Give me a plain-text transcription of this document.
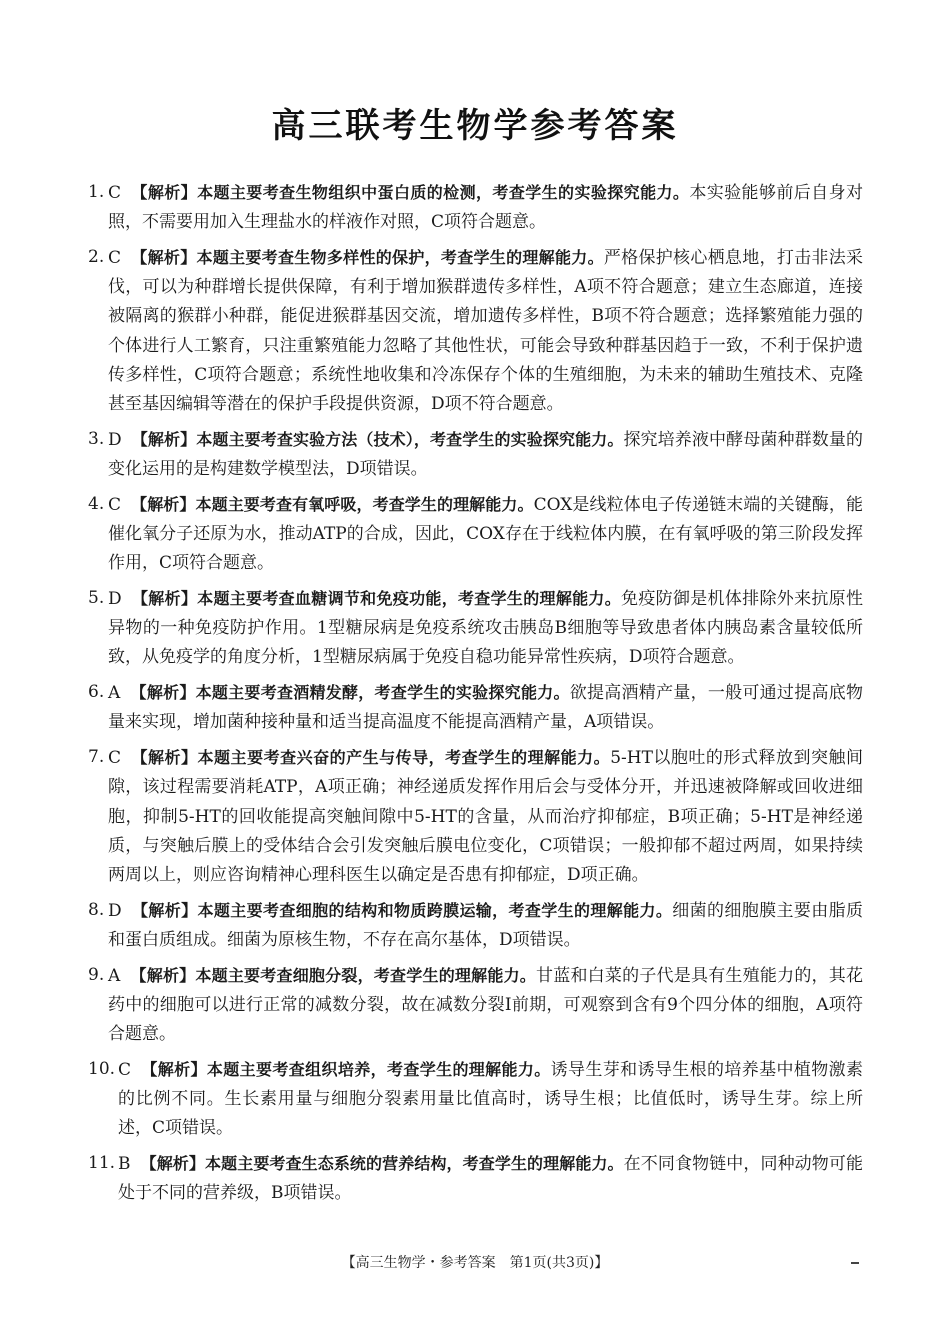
高三联考生物学参考答案
1. C 【解析】本题主要考查生物组织中蛋白质的检测，考查学生的实验探究能力。本实验能够前后自身对照，不需要用加入生理盐水的样液作对照，C项符合题意。
2. C 【解析】本题主要考查生物多样性的保护，考查学生的理解能力。严格保护核心栖息地，打击非法采伐，可以为种群增长提供保障，有利于增加猴群遗传多样性，A项不符合题意；建立生态廊道，连接被隔离的猴群小种群，能促进猴群基因交流，增加遗传多样性，B项不符合题意；选择繁殖能力强的个体进行人工繁育，只注重繁殖能力忽略了其他性状，可能会导致种群基因趋于一致，不利于保护遗传多样性，C项符合题意；系统性地收集和冷冻保存个体的生殖细胞，为未来的辅助生殖技术、克隆甚至基因编辑等潜在的保护手段提供资源，D项不符合题意。
3. D 【解析】本题主要考查实验方法（技术），考查学生的实验探究能力。探究培养液中酵母菌种群数量的变化运用的是构建数学模型法，D项错误。
4. C 【解析】本题主要考查有氧呼吸，考查学生的理解能力。COX是线粒体电子传递链末端的关键酶，能催化氧分子还原为水，推动ATP的合成，因此，COX存在于线粒体内膜，在有氧呼吸的第三阶段发挥作用，C项符合题意。
5. D 【解析】本题主要考查血糖调节和免疫功能，考查学生的理解能力。免疫防御是机体排除外来抗原性异物的一种免疫防护作用。1型糖尿病是免疫系统攻击胰岛B细胞等导致患者体内胰岛素含量较低所致，从免疫学的角度分析，1型糖尿病属于免疫自稳功能异常性疾病，D项符合题意。
6. A 【解析】本题主要考查酒精发酵，考查学生的实验探究能力。欲提高酒精产量，一般可通过提高底物量来实现，增加菌种接种量和适当提高温度不能提高酒精产量，A项错误。
7. C 【解析】本题主要考查兴奋的产生与传导，考查学生的理解能力。5-HT以胞吐的形式释放到突触间隙，该过程需要消耗ATP，A项正确；神经递质发挥作用后会与受体分开，并迅速被降解或回收进细胞，抑制5-HT的回收能提高突触间隙中5-HT的含量，从而治疗抑郁症，B项正确；5-HT是神经递质，与突触后膜上的受体结合会引发突触后膜电位变化，C项错误；一般抑郁不超过两周，如果持续两周以上，则应咨询精神心理科医生以确定是否患有抑郁症，D项正确。
8. D 【解析】本题主要考查细胞的结构和物质跨膜运输，考查学生的理解能力。细菌的细胞膜主要由脂质和蛋白质组成。细菌为原核生物，不存在高尔基体，D项错误。
9. A 【解析】本题主要考查细胞分裂，考查学生的理解能力。甘蓝和白菜的子代是具有生殖能力的，其花药中的细胞可以进行正常的减数分裂，故在减数分裂Ⅰ前期，可观察到含有9个四分体的细胞，A项符合题意。
10. C 【解析】本题主要考查组织培养，考查学生的理解能力。诱导生芽和诱导生根的培养基中植物激素的比例不同。生长素用量与细胞分裂素用量比值高时，诱导生根；比值低时，诱导生芽。综上所述，C项错误。
11. B 【解析】本题主要考查生态系统的营养结构，考查学生的理解能力。在不同食物链中，同种动物可能处于不同的营养级，B项错误。
【高三生物学・参考答案　第1页(共3页)】
